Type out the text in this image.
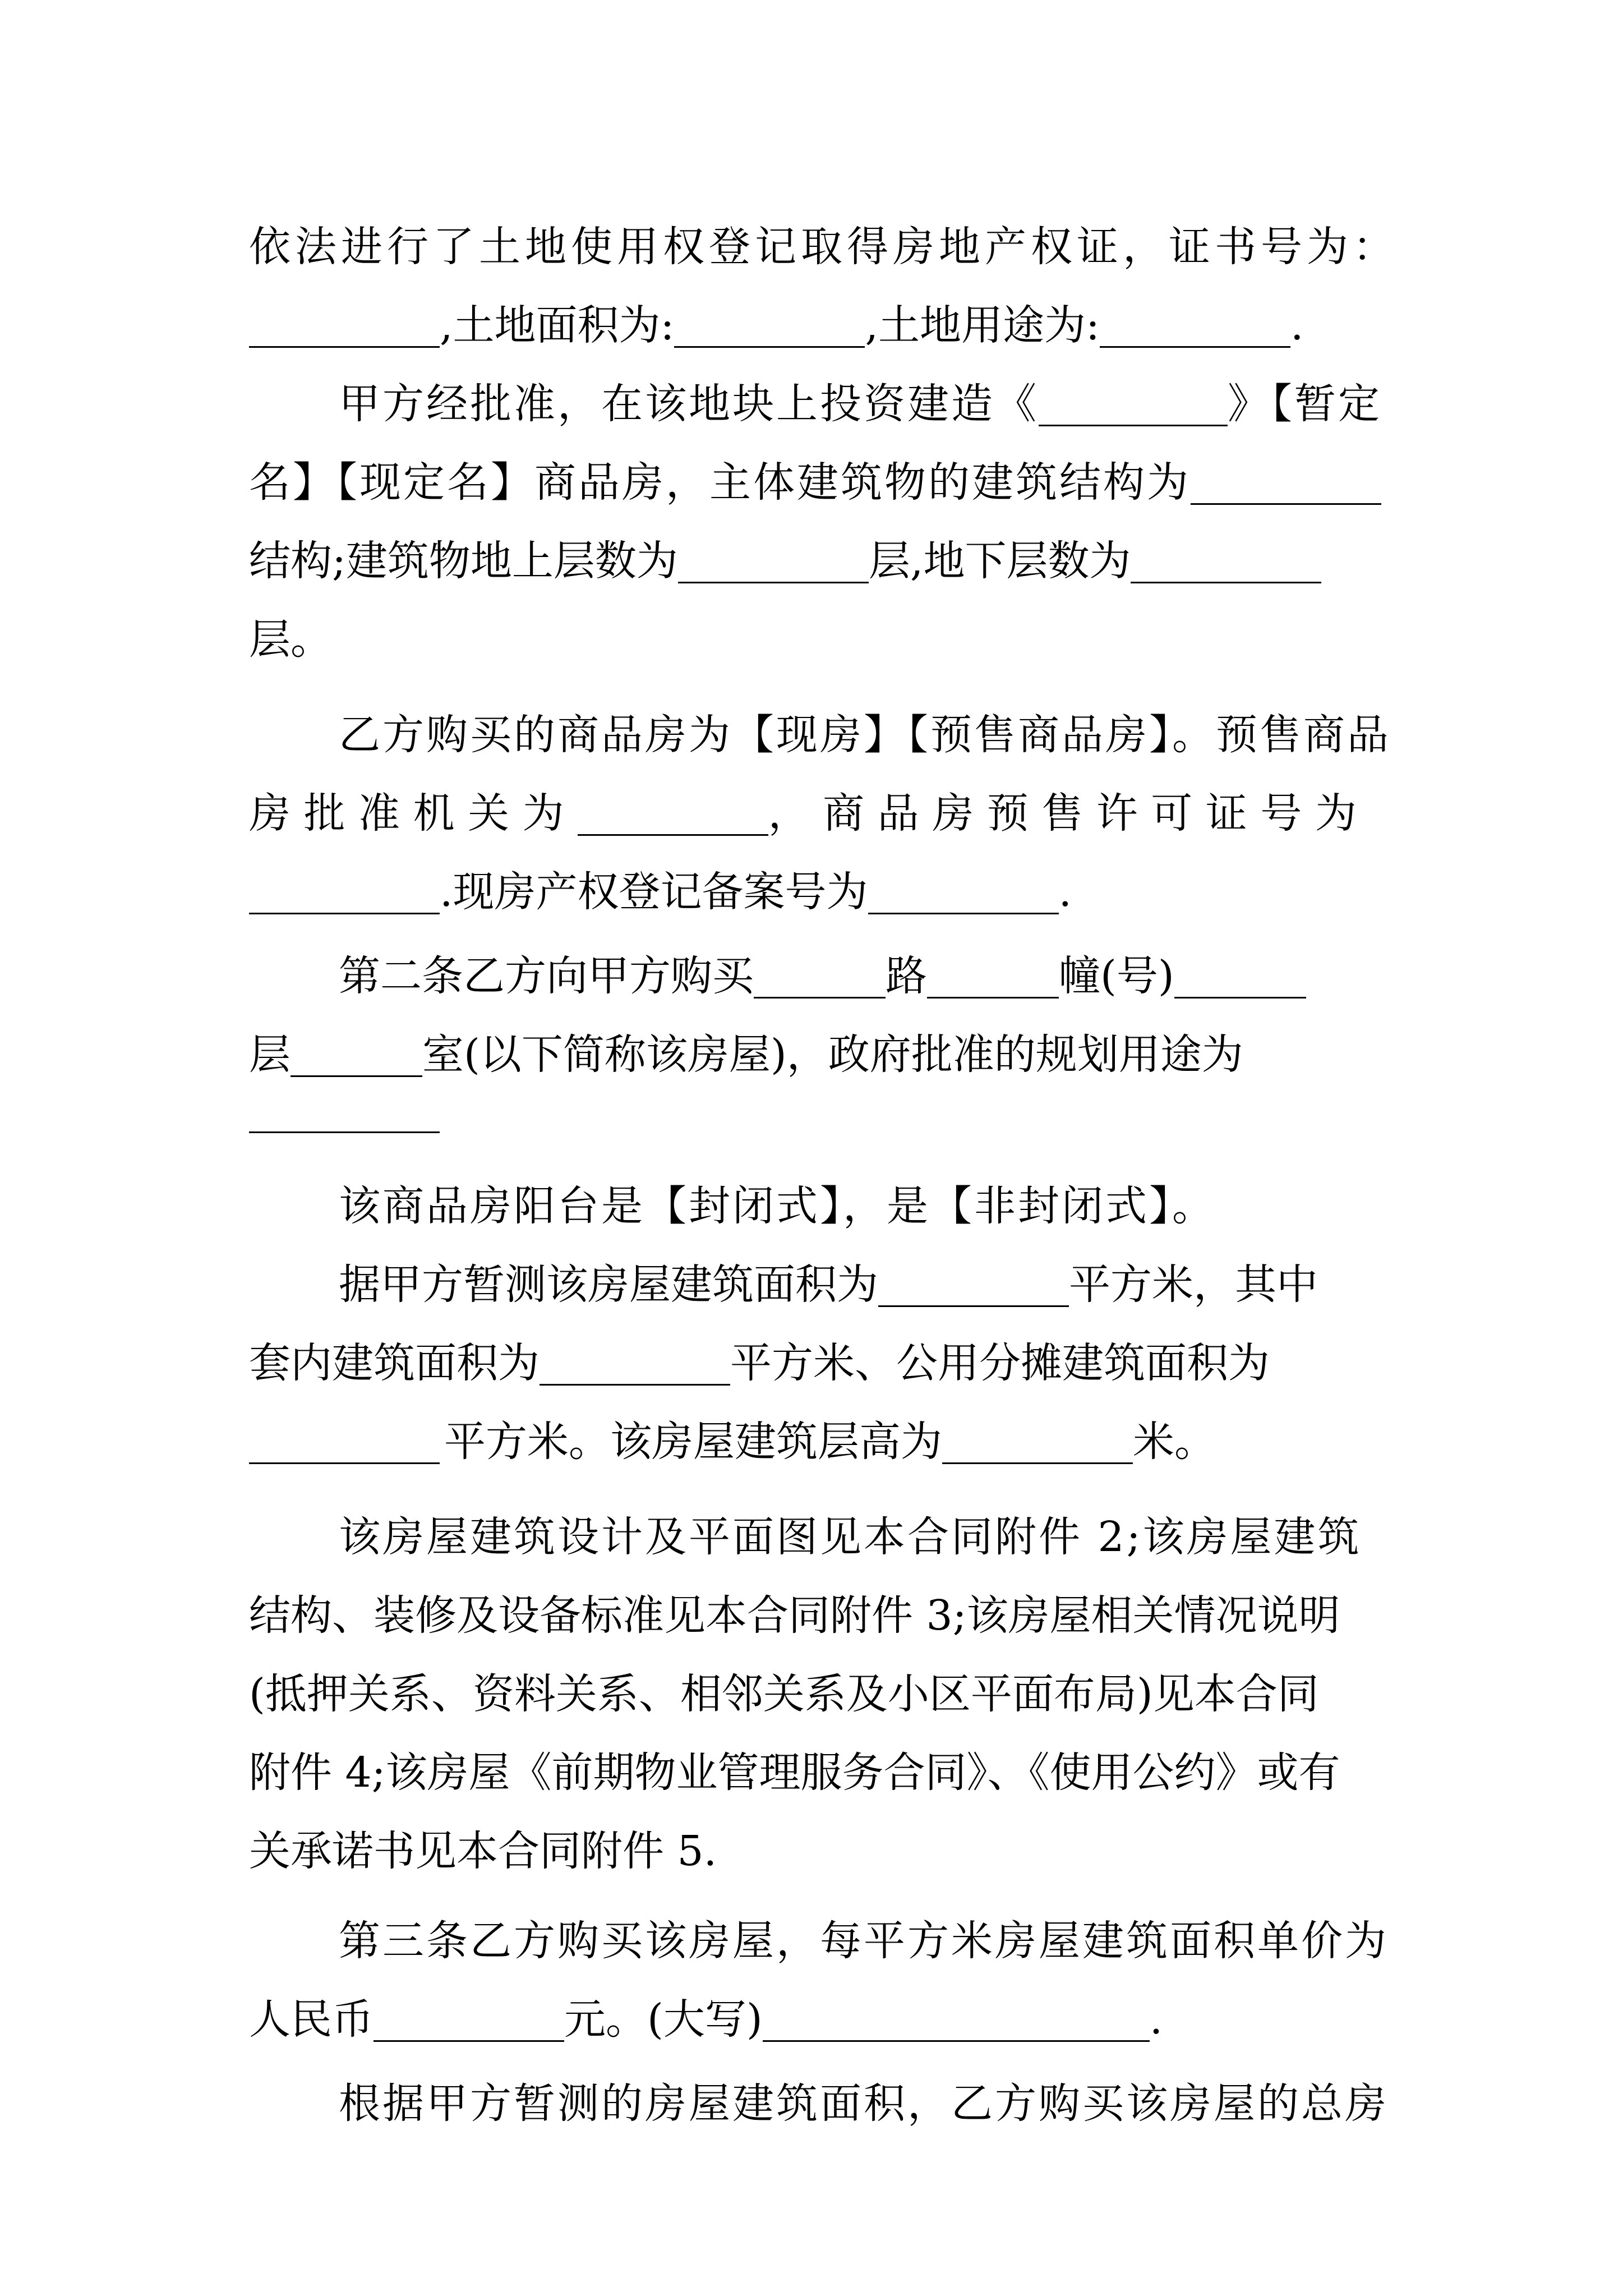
依法进行了土地使用权登记取得房地产权证，证书号为：
,土地面积为:	,土地用途为:	.
甲方经批准，在该地块上投资建造《	》【暂定
名】【现定名】商品房，主体建筑物的建筑结构为
结构;建筑物地上层数为	层,地下层数为
层。
乙方购买的商品房为【现房】【预售商品房】。预售商品
房 批 准 机 关 为	， 商 品 房 预 售 许 可 证 号 为
.现房产权登记备案号为	.
第二条乙方向甲方购买	路	幢(号)
层	室(以下简称该房屋)，政府批准的规划用途为
该商品房阳台是【封闭式】，是【非封闭式】。
据甲方暂测该房屋建筑面积为	平方米，其中
套内建筑面积为	平方米、公用分摊建筑面积为
平方米。该房屋建筑层高为	米。
该房屋建筑设计及平面图见本合同附件 2;该房屋建筑
结构、装修及设备标准见本合同附件 3;该房屋相关情况说明
(抵押关系、资料关系、相邻关系及小区平面布局)见本合同
附件 4;该房屋《前期物业管理服务合同》、《使用公约》或有
关承诺书见本合同附件 5.
第三条乙方购买该房屋，每平方米房屋建筑面积单价为
人民币	元。(大写)	.
根据甲方暂测的房屋建筑面积，乙方购买该房屋的总房
